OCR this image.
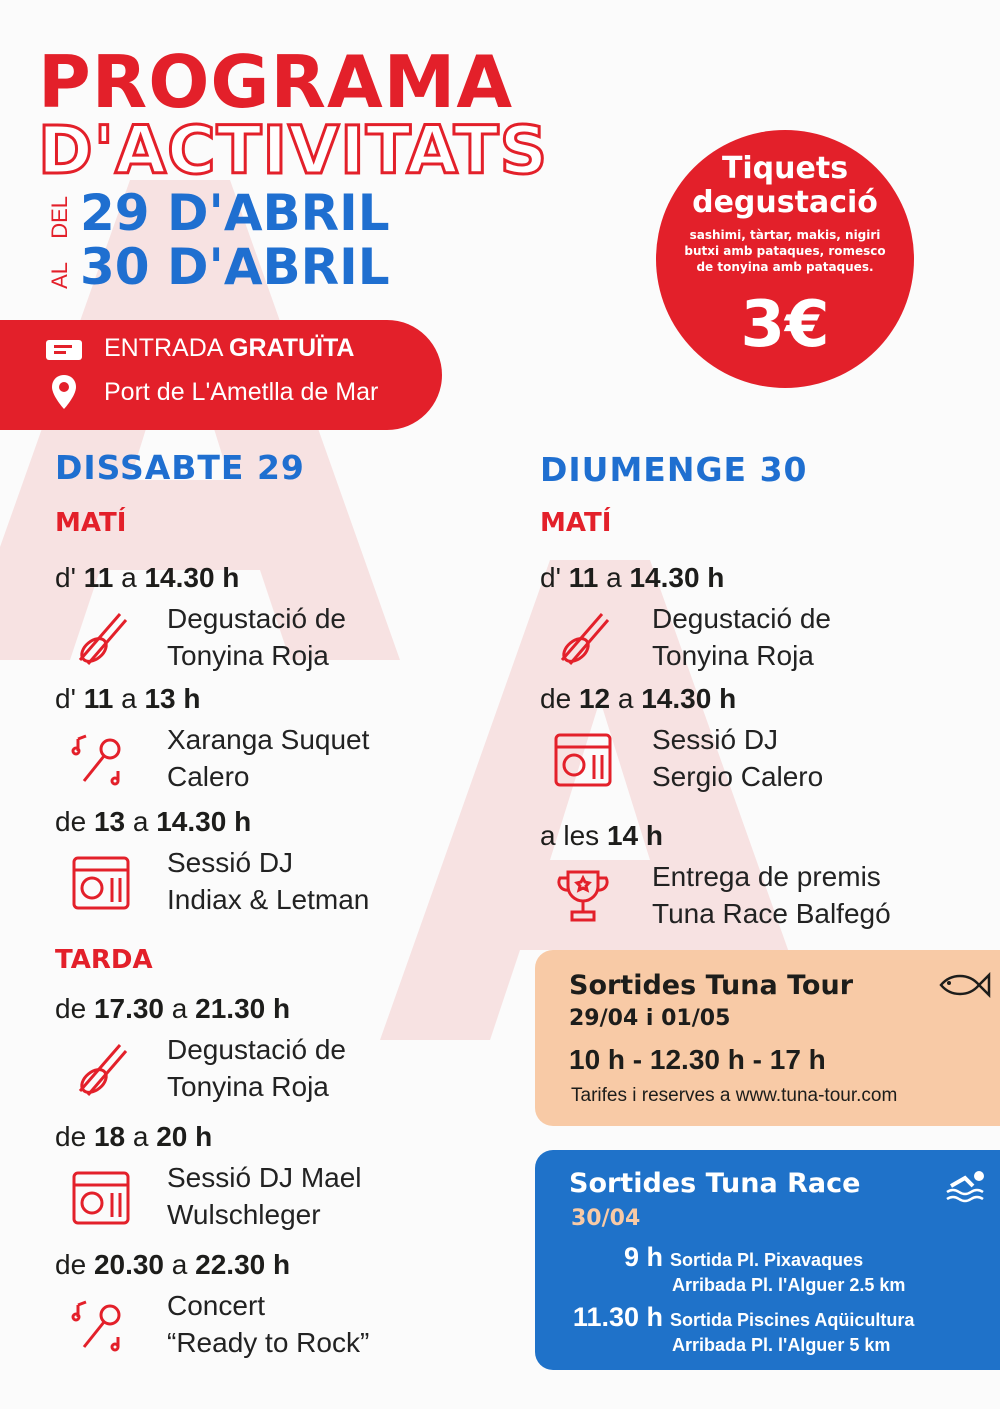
PROGRAMA
D'ACTIVITATS
DEL
AL
29 D'ABRIL
30 D'ABRIL
ENTRADA GRATUÏTA
Port de L'Ametlla de Mar
Tiquets
degustació
sashimi, tàrtar, makis, nigiri
butxi amb pataques, romesco
de tonyina amb pataques.
3€
DISSABTE 29
MATÍ
TARDA
d' 11 a 14.30 h
Degustació de
Tonyina Roja
d' 11 a 13 h
Xaranga Suquet
Calero
de 13 a 14.30 h
Sessió DJ
Indiax & Letman
de 17.30 a 21.30 h
Degustació de
Tonyina Roja
de 18 a 20 h
Sessió DJ Mael
Wulschleger
de 20.30 a 22.30 h
Concert
“Ready to Rock”
DIUMENGE 30
MATÍ
d' 11 a 14.30 h
Degustació de
Tonyina Roja
de 12 a 14.30 h
Sessió DJ
Sergio Calero
a les 14 h
Entrega de premis
Tuna Race Balfegó
Sortides Tuna Tour
29/04 i 01/05
10 h - 12.30 h - 17 h
Tarifes i reserves a www.tuna-tour.com
Sortides Tuna Race
30/04
9 h Sortida Pl. Pixavaques
Arribada Pl. l'Alguer 2.5 km
11.30 h Sortida Piscines Aqüicultura
Arribada Pl. l'Alguer 5 km
